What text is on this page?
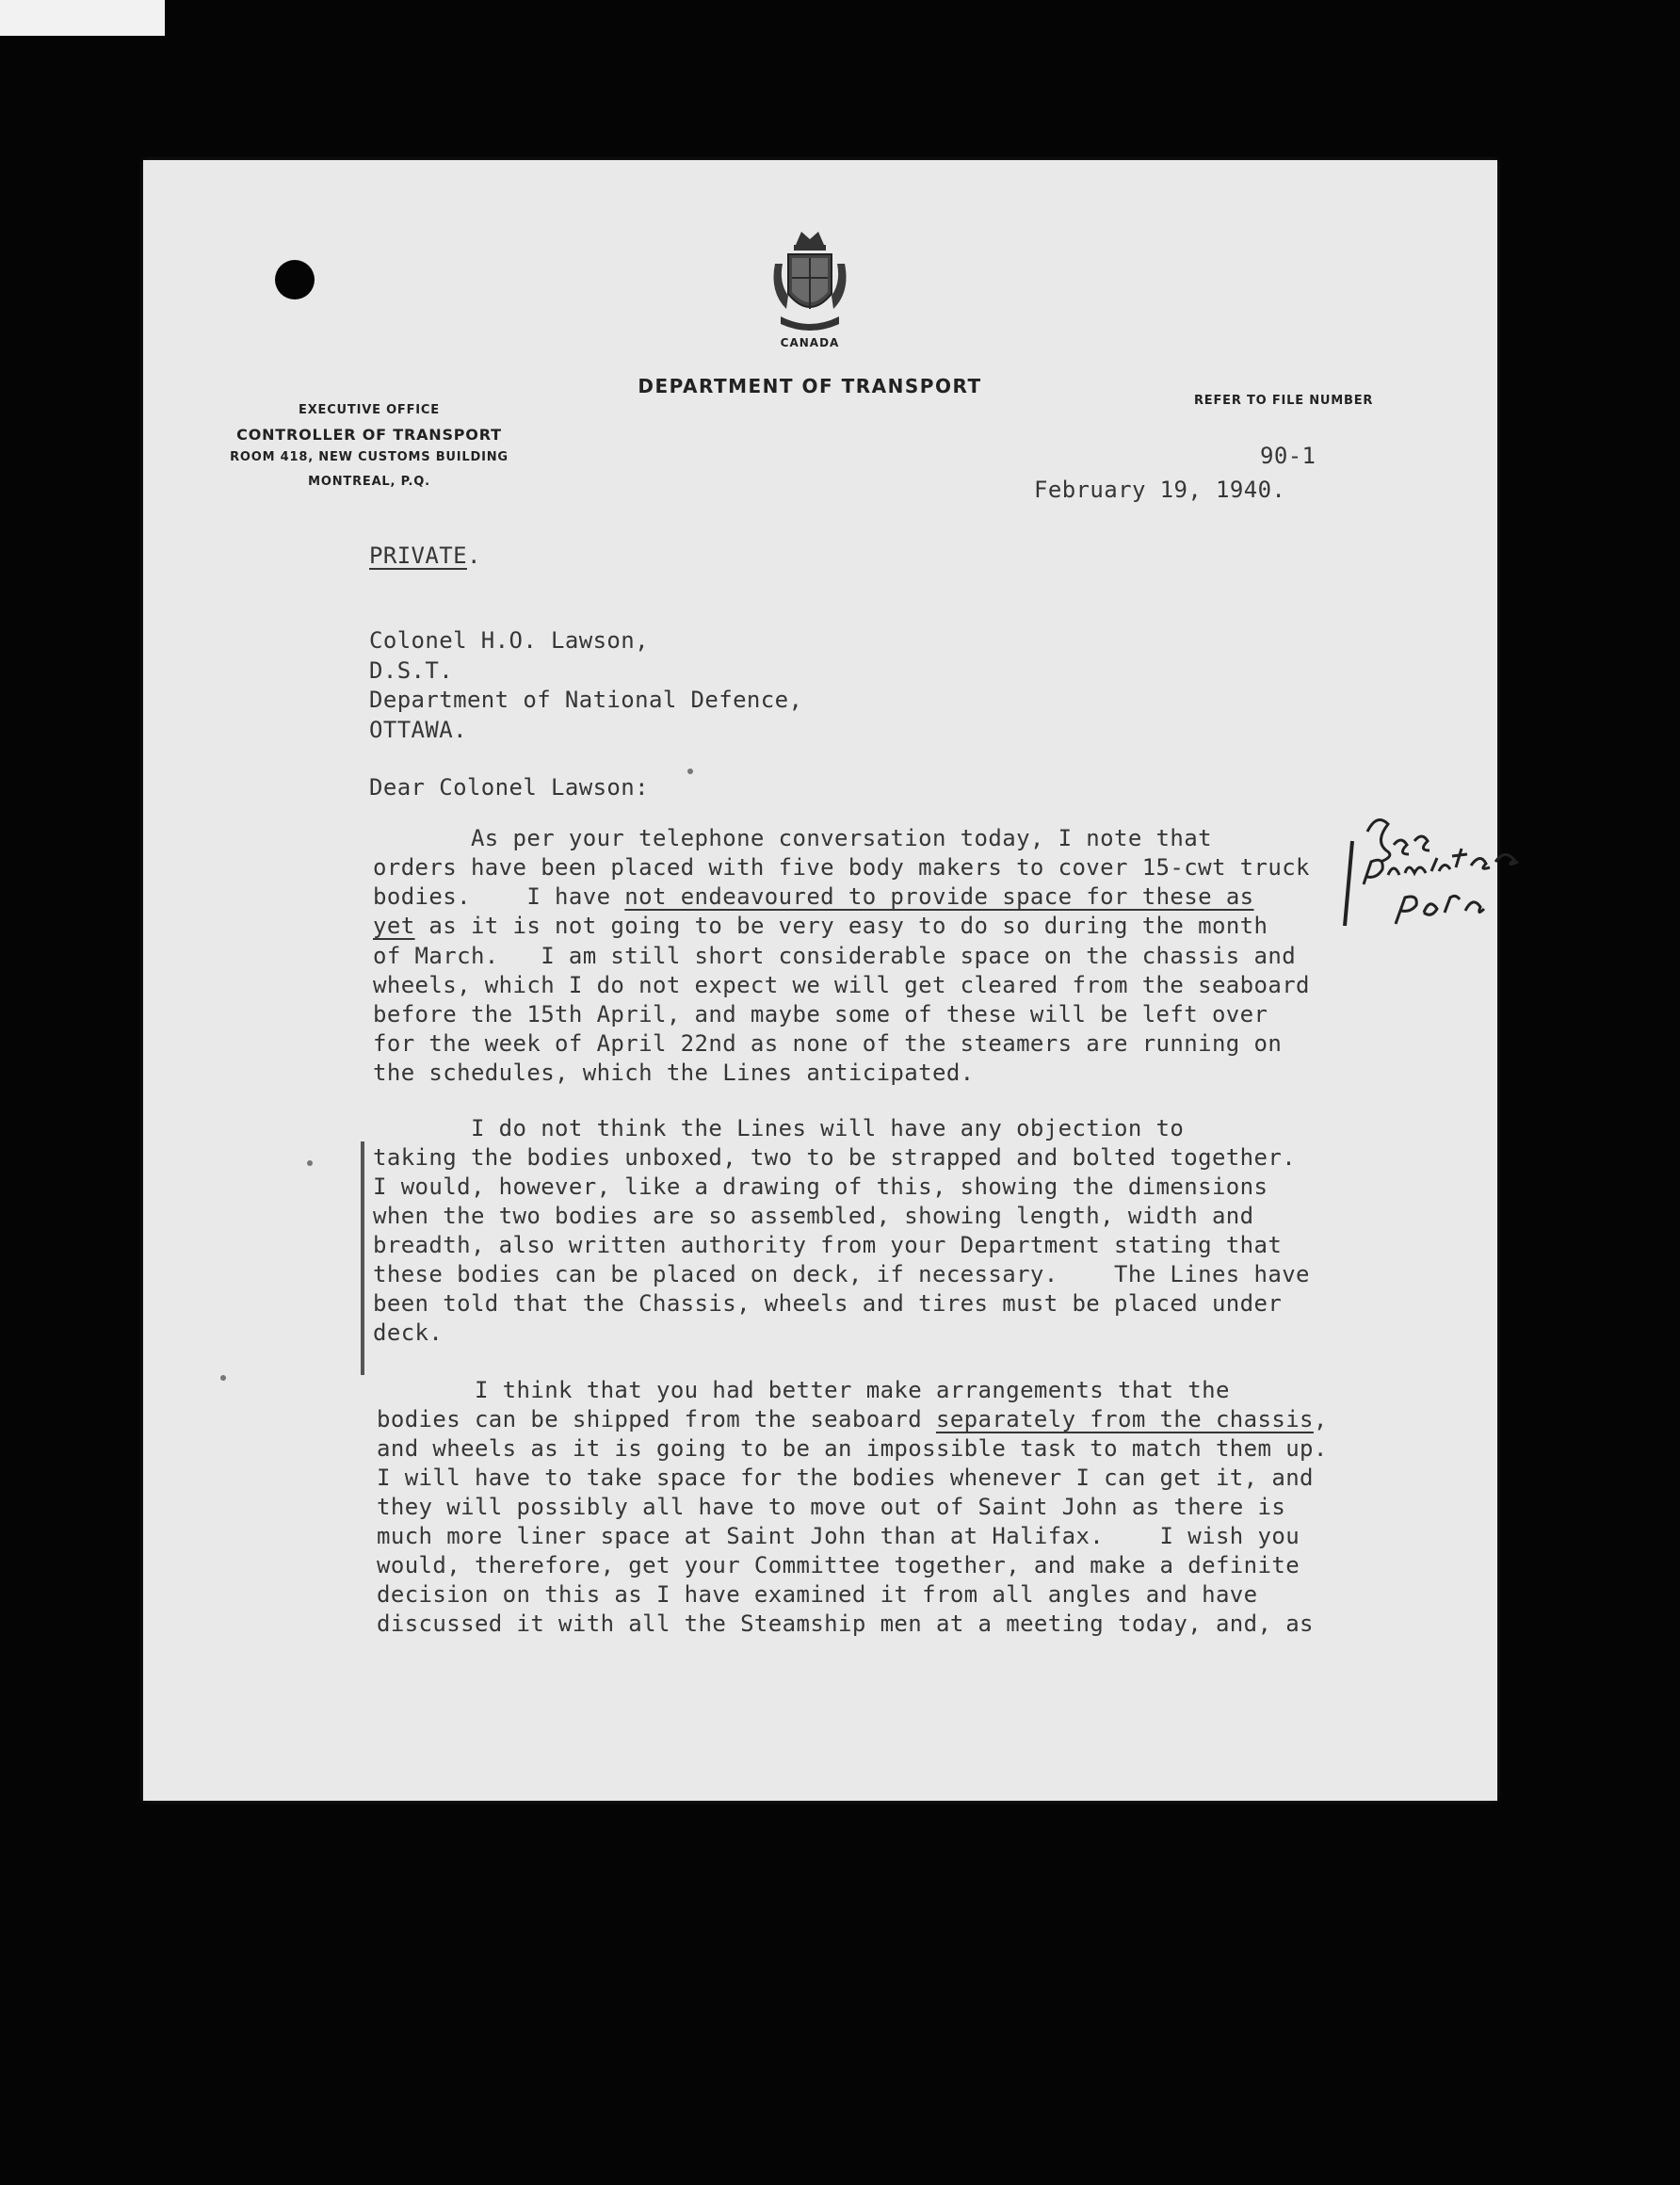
CANADA
DEPARTMENT OF TRANSPORT
EXECUTIVE OFFICE
CONTROLLER OF TRANSPORT
ROOM 418, NEW CUSTOMS BUILDING
MONTREAL, P.Q.
REFER TO FILE NUMBER
90-1
February 19, 1940.
PRIVATE.
Colonel H.O. Lawson,
D.S.T.
Department of National Defence,
OTTAWA.
Dear Colonel Lawson:
As per your telephone conversation today, I note that
orders have been placed with five body makers to cover 15-cwt truck
bodies.    I have not endeavoured to provide space for these as
yet as it is not going to be very easy to do so during the month
of March.   I am still short considerable space on the chassis and
wheels, which I do not expect we will get cleared from the seaboard
before the 15th April, and maybe some of these will be left over
for the week of April 22nd as none of the steamers are running on
the schedules, which the Lines anticipated.
I do not think the Lines will have any objection to
taking the bodies unboxed, two to be strapped and bolted together.
I would, however, like a drawing of this, showing the dimensions
when the two bodies are so assembled, showing length, width and
breadth, also written authority from your Department stating that
these bodies can be placed on deck, if necessary.    The Lines have
been told that the Chassis, wheels and tires must be placed under
deck.
I think that you had better make arrangements that the
bodies can be shipped from the seaboard separately from the chassis,
and wheels as it is going to be an impossible task to match them up.
I will have to take space for the bodies whenever I can get it, and
they will possibly all have to move out of Saint John as there is
much more liner space at Saint John than at Halifax.    I wish you
would, therefore, get your Committee together, and make a definite
decision on this as I have examined it from all angles and have
discussed it with all the Steamship men at a meeting today, and, as
